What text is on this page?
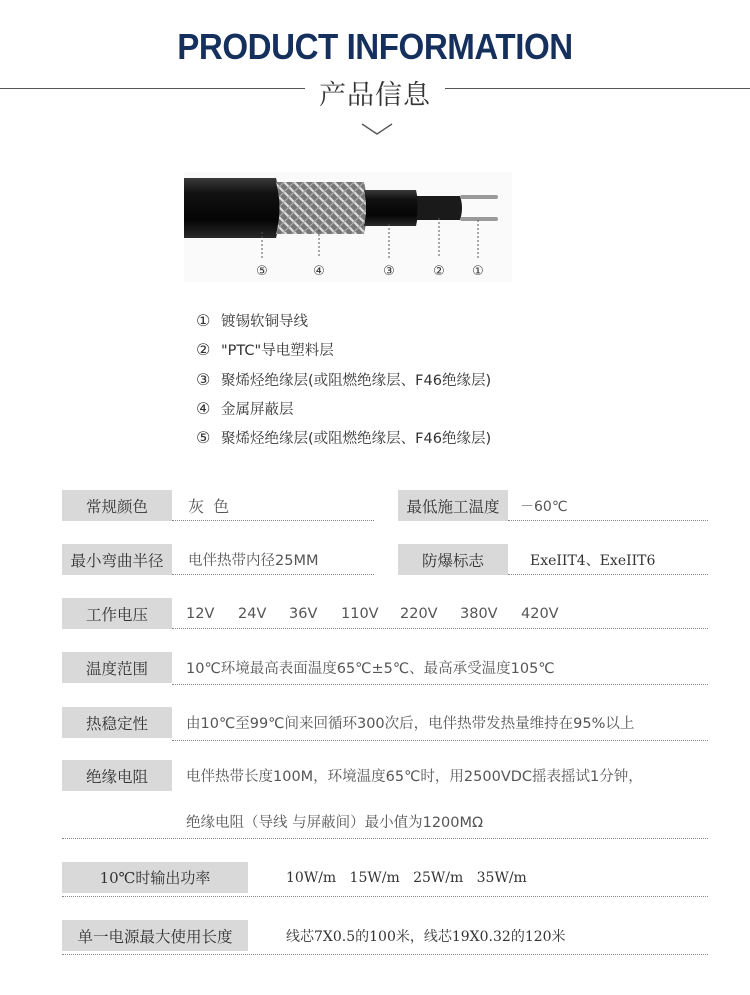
PRODUCT INFORMATION
产品信息
⑤	④	③	② ①
① 镀锡软铜导线
② "PTC"导电塑料层
③ 聚烯烃绝缘层(或阻燃绝缘层、F46绝缘层)
④ 金属屏蔽层
⑤ 聚烯烃绝缘层(或阻燃绝缘层、F46绝缘层)
常规颜色	灰 色	最低施工温度	－60℃
最小弯曲半径	电伴热带内径25MM	防爆标志	ExeIIT4、ExeIIT6
工作电压	12V 24V 36V 110V 220V 380V 420V
温度范围	10℃环境最高表面温度65℃±5℃、最高承受温度105℃
热稳定性	由10℃至99℃间来回循环300次后，电伴热带发热量维持在95%以上
绝缘电阻	电伴热带长度100M，环境温度65℃时，用2500VDC摇表摇试1分钟，
绝缘电阻（导线 与屏蔽间）最小值为1200MΩ
10℃时输出功率	10W/m   15W/m   25W/m   35W/m
单一电源最大使用长度	线芯7X0.5的100米，线芯19X0.32的120米
